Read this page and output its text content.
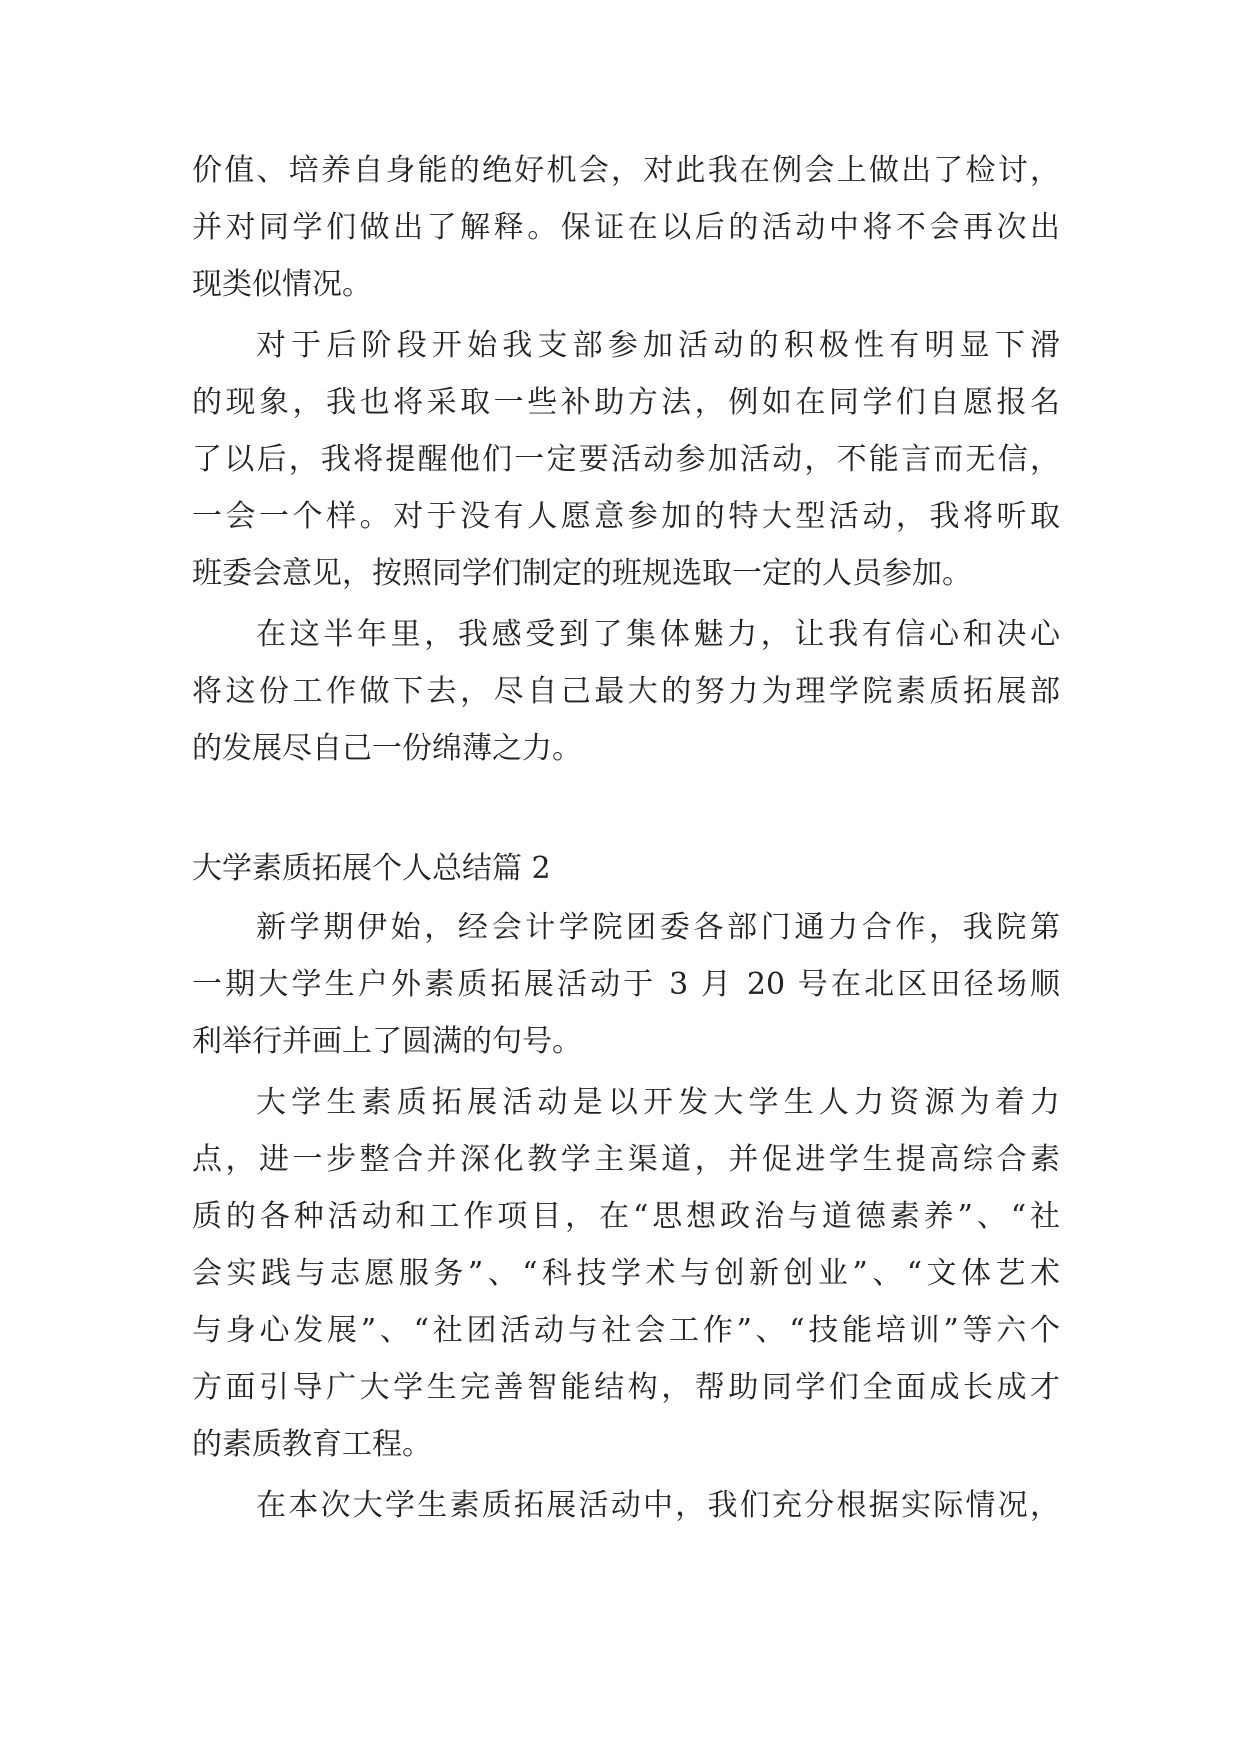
价值、培养自身能的绝好机会，对此我在例会上做出了检讨，
并对同学们做出了解释。保证在以后的活动中将不会再次出
现类似情况。
对于后阶段开始我支部参加活动的积极性有明显下滑
的现象，我也将采取一些补助方法，例如在同学们自愿报名
了以后，我将提醒他们一定要活动参加活动，不能言而无信，
一会一个样。对于没有人愿意参加的特大型活动，我将听取
班委会意见，按照同学们制定的班规选取一定的人员参加。
在这半年里，我感受到了集体魅力，让我有信心和决心
将这份工作做下去，尽自己最大的努力为理学院素质拓展部
的发展尽自己一份绵薄之力。
大学素质拓展个人总结篇 2
新学期伊始，经会计学院团委各部门通力合作，我院第
一期大学生户外素质拓展活动于 3 月 20 号在北区田径场顺
利举行并画上了圆满的句号。
大学生素质拓展活动是以开发大学生人力资源为着力
点，进一步整合并深化教学主渠道，并促进学生提高综合素
质的各种活动和工作项目，在“思想政治与道德素养”、“社
会实践与志愿服务”、“科技学术与创新创业”、“文体艺术
与身心发展”、“社团活动与社会工作”、“技能培训”等六个
方面引导广大学生完善智能结构，帮助同学们全面成长成才
的素质教育工程。
在本次大学生素质拓展活动中，我们充分根据实际情况，
